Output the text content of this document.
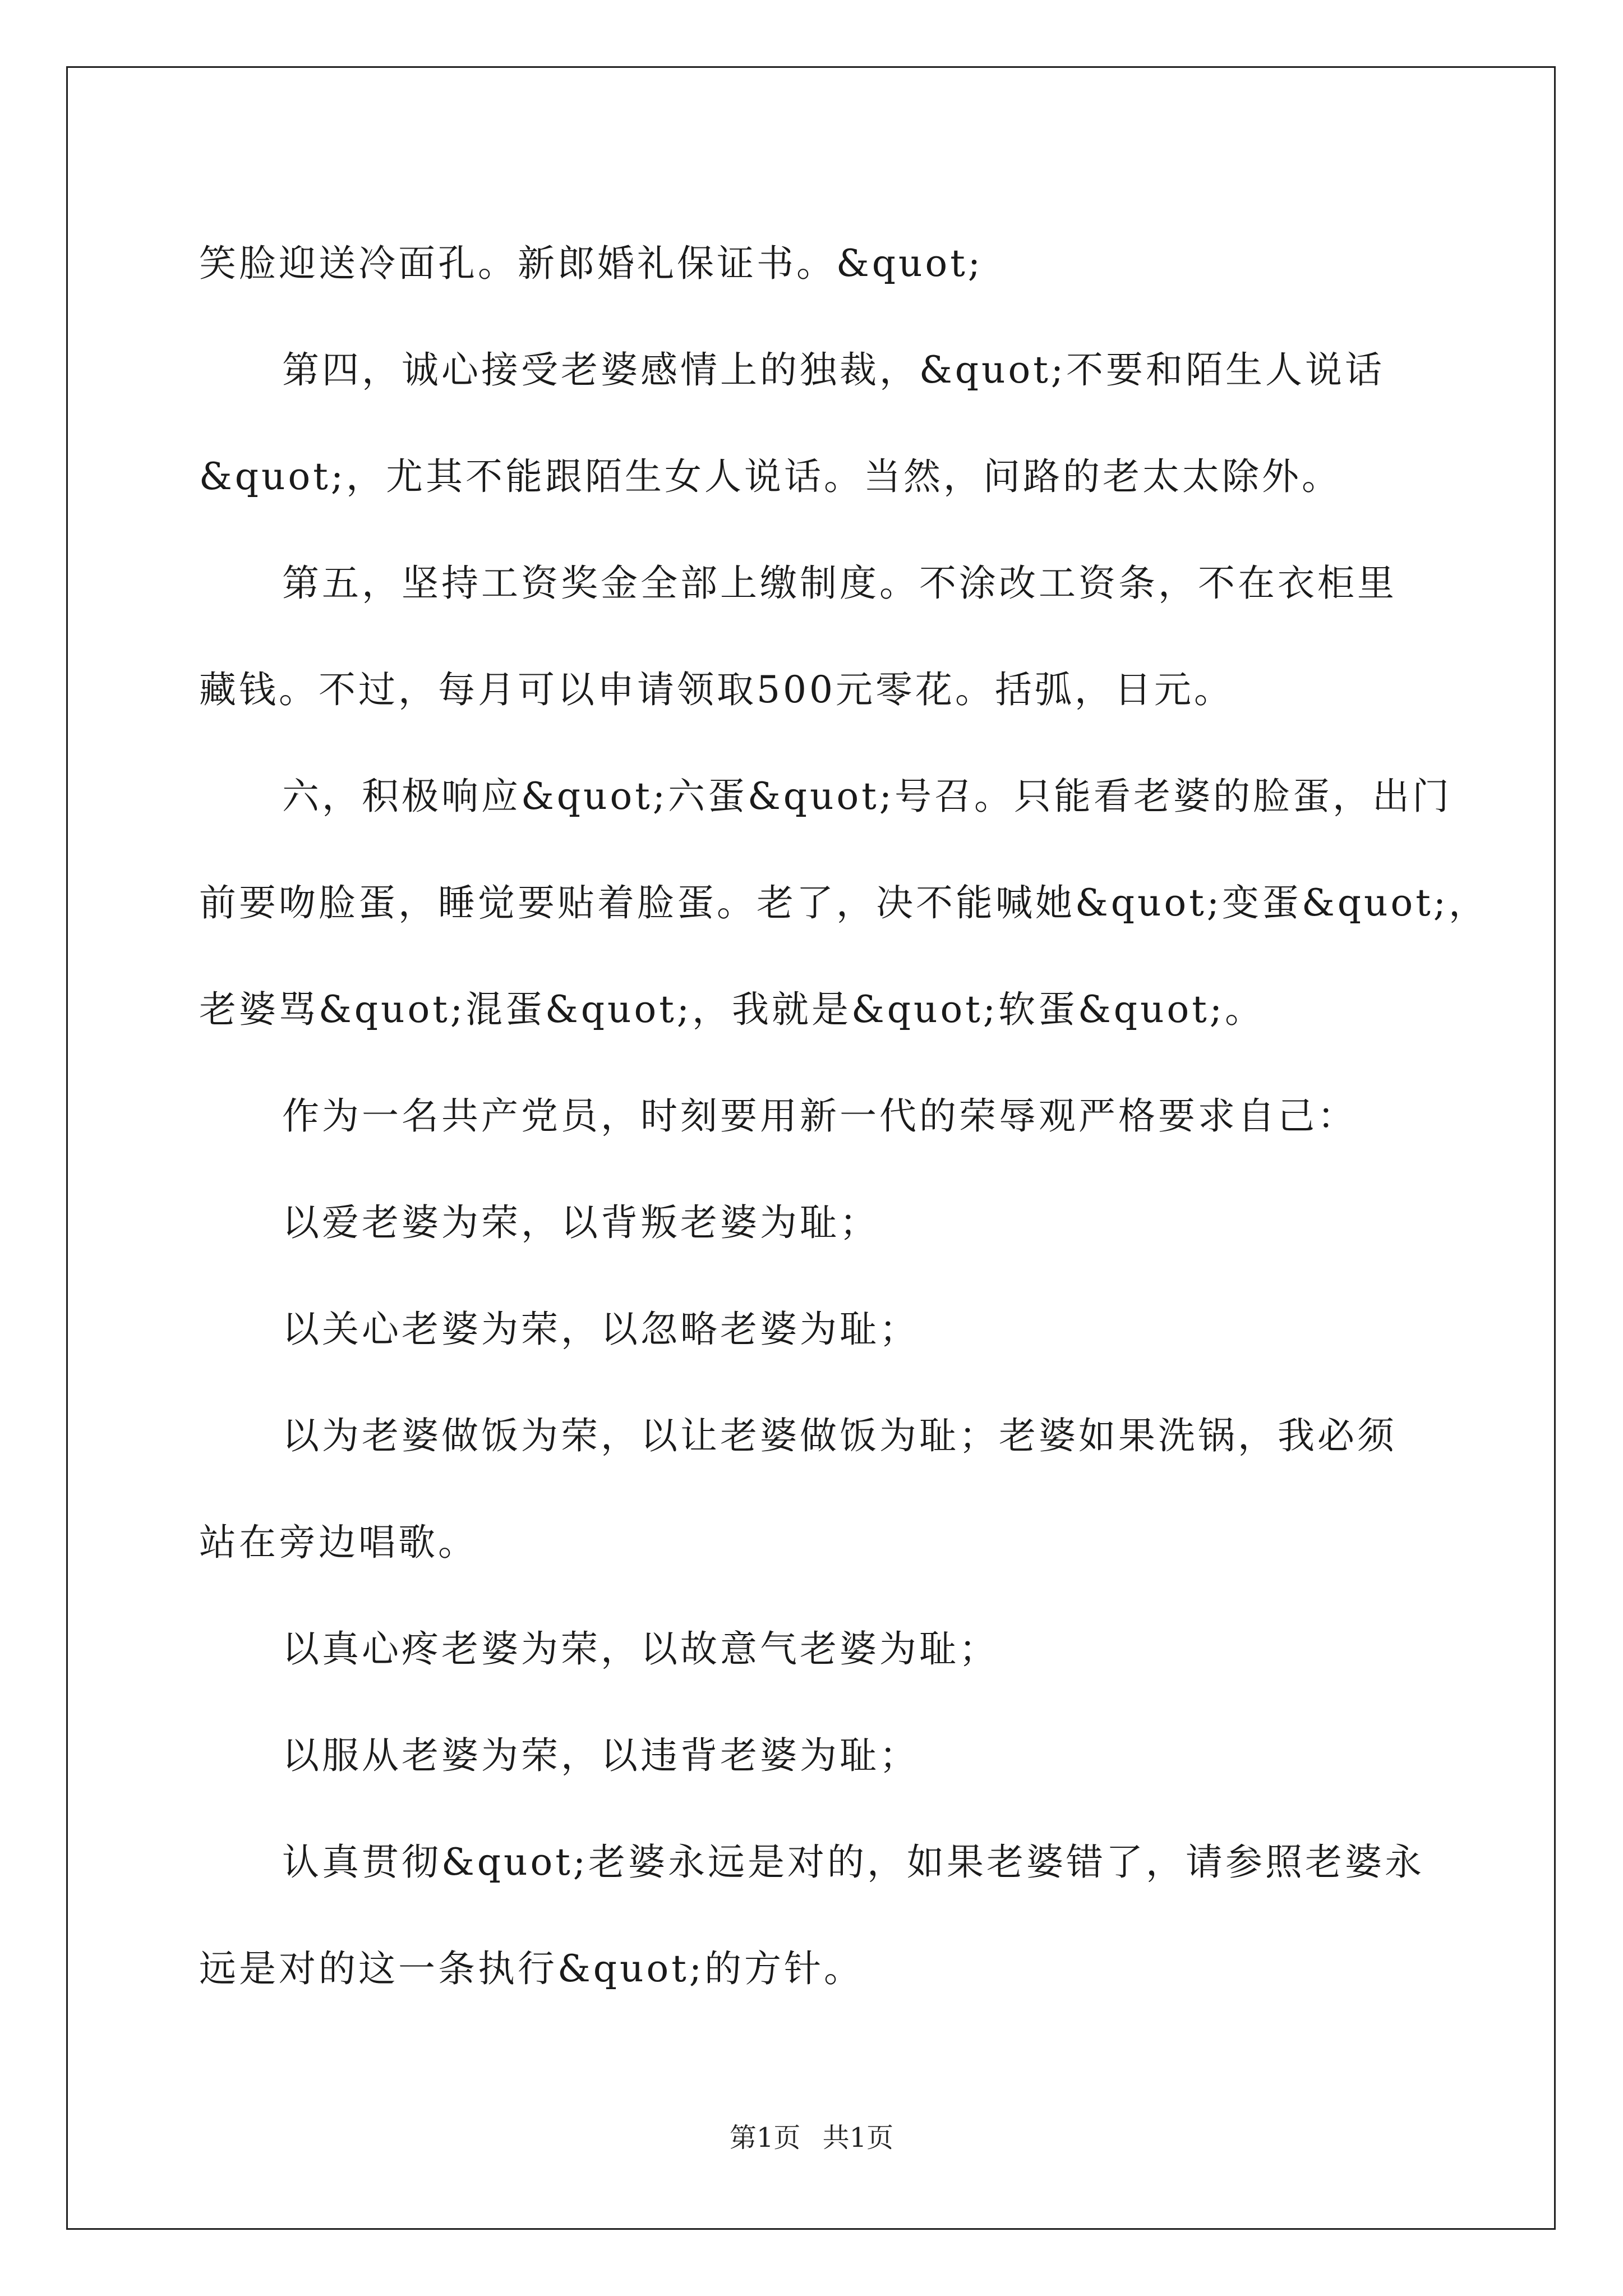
笑脸迎送冷面孔。新郎婚礼保证书。&quot;

第四，诚心接受老婆感情上的独裁，&quot;不要和陌生人说话

&quot;，尤其不能跟陌生女人说话。当然，问路的老太太除外。

第五，坚持工资奖金全部上缴制度。不涂改工资条，不在衣柜里

藏钱。不过，每月可以申请领取500元零花。括弧，日元。

六，积极响应&quot;六蛋&quot;号召。只能看老婆的脸蛋，出门

前要吻脸蛋，睡觉要贴着脸蛋。老了，决不能喊她&quot;变蛋&quot;，

老婆骂&quot;混蛋&quot;，我就是&quot;软蛋&quot;。

作为一名共产党员，时刻要用新一代的荣辱观严格要求自己：

以爱老婆为荣，以背叛老婆为耻；

以关心老婆为荣，以忽略老婆为耻；

以为老婆做饭为荣，以让老婆做饭为耻；老婆如果洗锅，我必须

站在旁边唱歌。

以真心疼老婆为荣，以故意气老婆为耻；

以服从老婆为荣，以违背老婆为耻；

认真贯彻&quot;老婆永远是对的，如果老婆错了，请参照老婆永

远是对的这一条执行&quot;的方针。

第1页 共1页
